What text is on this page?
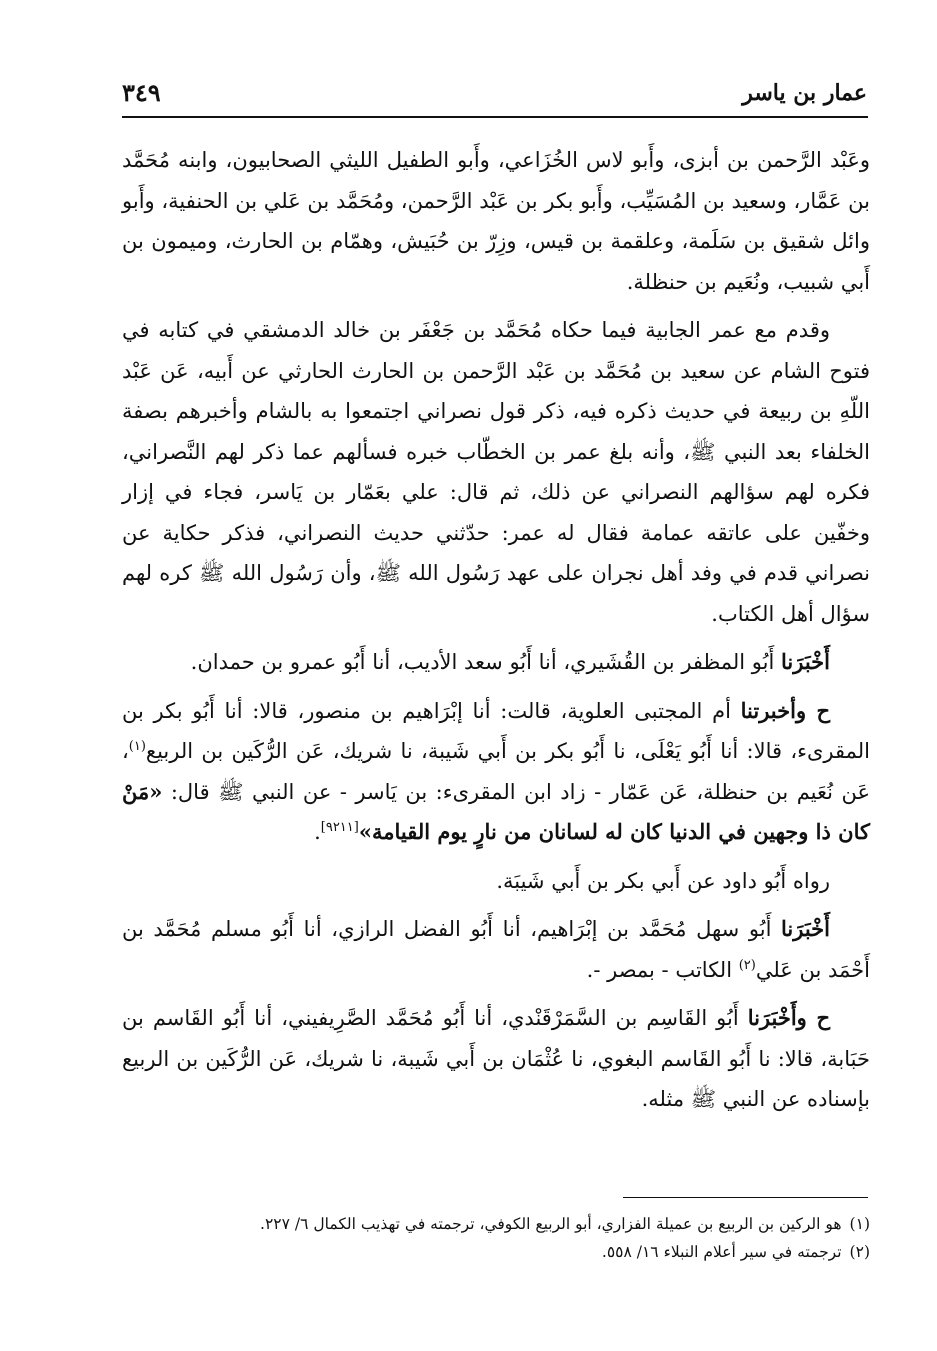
عمار بن ياسر
٣٤٩

وعَبْد الرَّحمن بن أبزى، وأَبو لاس الخُزَاعي، وأَبو الطفيل الليثي الصحابيون، وابنه مُحَمَّد بن عَمَّار، وسعيد بن المُسَيِّب، وأَبو بكر بن عَبْد الرَّحمن، ومُحَمَّد بن عَلي بن الحنفية، وأَبو وائل شقيق بن سَلَمة، وعلقمة بن قيس، وزِرّ بن حُبَيش، وهمّام بن الحارث، وميمون بن أَبي شبيب، ونُعَيم بن حنظلة.

وقدم مع عمر الجابية فيما حكاه مُحَمَّد بن جَعْفَر بن خالد الدمشقي في كتابه في فتوح الشام عن سعيد بن مُحَمَّد بن عَبْد الرَّحمن بن الحارث الحارثي عن أَبيه، عَن عَبْد اللّهِ بن ربيعة في حديث ذكره فيه، ذكر قول نصراني اجتمعوا به بالشام وأخبرهم بصفة الخلفاء بعد النبي ﷺ، وأنه بلغ عمر بن الخطّاب خبره فسألهم عما ذكر لهم النَّصراني، فكره لهم سؤالهم النصراني عن ذلك، ثم قال: علي بعَمّار بن يَاسر، فجاء في إزار وخفّين على عاتقه عمامة فقال له عمر: حدّثني حديث النصراني، فذكر حكاية عن نصراني قدم في وفد أهل نجران على عهد رَسُول الله ﷺ، وأن رَسُول الله ﷺ كره لهم سؤال أهل الكتاب.

أَخْبَرَنا أَبُو المظفر بن القُشَيري، أنا أَبُو سعد الأديب، أنا أَبُو عمرو بن حمدان.

ح وأخبرتنا أم المجتبى العلوية، قالت: أنا إبْرَاهيم بن منصور، قالا: أنا أَبُو بكر بن المقرىء، قالا: أنا أَبُو يَعْلَى، نا أَبُو بكر بن أَبي شَيبة، نا شريك، عَن الرُّكَين بن الربيع$^{(١)}$، عَن نُعَيم بن حنظلة، عَن عَمّار - زاد ابن المقرىء: بن يَاسر - عن النبي ﷺ قال: «مَنْ كان ذا وجهين في الدنيا كان له لسانان من نارٍ يوم القيامة»[٩٢١١].

رواه أَبُو داود عن أَبي بكر بن أَبي شَيبَة.

أَخْبَرَنا أَبُو سهل مُحَمَّد بن إبْرَاهيم، أنا أَبُو الفضل الرازي، أنا أَبُو مسلم مُحَمَّد بن أَحْمَد بن عَلي$^{(٢)}$ الكاتب - بمصر -.

ح وأَخْبَرَنا أَبُو القَاسِم بن السَّمَرْقَنْدي، أنا أَبُو مُحَمَّد الصَّرِيفيني، أنا أَبُو القَاسم بن حَبَابة، قالا: نا أَبُو القَاسم البغوي، نا عُثْمَان بن أَبي شَيبة، نا شريك، عَن الرُّكَين بن الربيع بإسناده عن النبي ﷺ مثله.

(١)هو الركين بن الربيع بن عميلة الفزاري، أبو الربيع الكوفي، ترجمته في تهذيب الكمال ٦/ ٢٢٧.

(٢)ترجمته في سير أعلام النبلاء ١٦/ ٥٥٨.
